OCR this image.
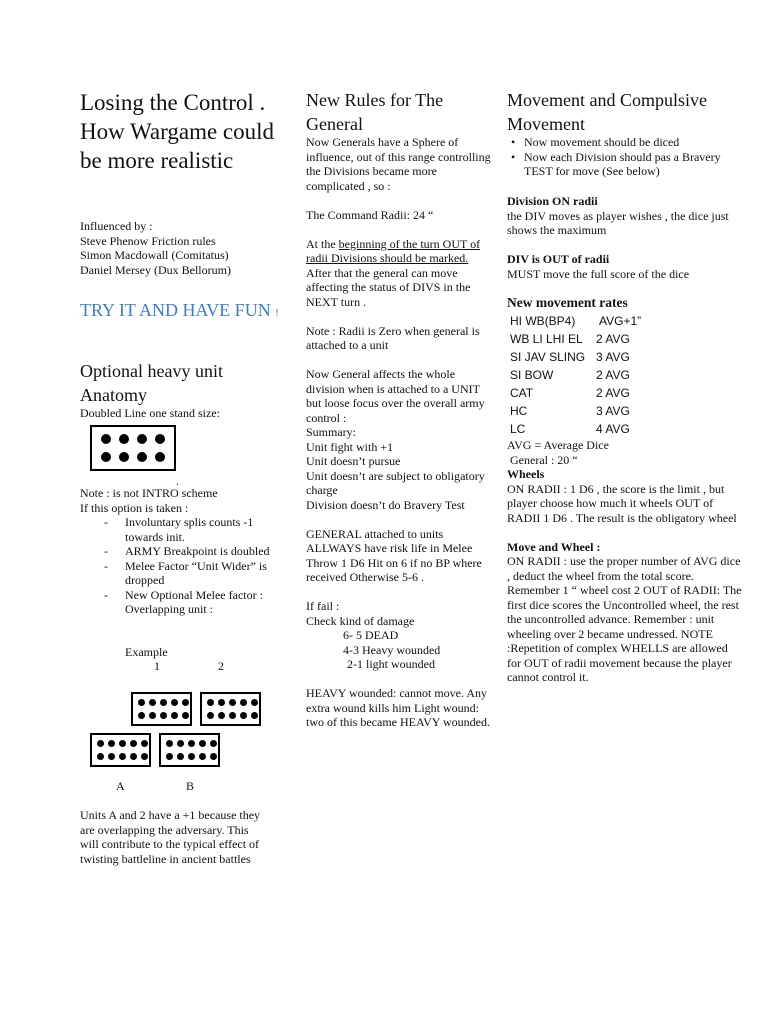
Losing the Control . How Wargame could be more realistic
Influenced by :
Steve Phenow Friction rules
Simon Macdowall (Comitatus)
Daniel Mersey (Dux Bellorum)
TRY IT AND HAVE FUN !
Optional heavy unit Anatomy
Doubled Line one stand size:
.
Note : is not INTRO scheme
If this option is taken :
- Involuntary splis counts -1 towards init.
- ARMY Breakpoint is doubled
- Melee Factor “Unit Wider” is dropped
- New Optional Melee factor : Overlapping unit :
Example
1	2
A	B
Units A and 2 have a +1 because they are overlapping the adversary. This will contribute to the typical effect of twisting battleline in ancient battles
New Rules for The General
Now Generals have a Sphere of influence, out of this range controlling the Divisions became more complicated , so :
The Command Radii: 24 “
At the beginning of the turn OUT of radii Divisions should be marked. After that the general can move affecting the status of DIVS in the NEXT turn .
Note : Radii is Zero when general is attached to a unit
Now General affects the whole division when is attached to a UNIT but loose focus over the overall army control :
Summary:
Unit fight with +1
Unit doesn’t pursue
Unit doesn’t are subject to obligatory charge
Division doesn’t do Bravery Test
GENERAL attached to units ALLWAYS have risk life in Melee Throw 1 D6 Hit on 6 if no BP where received Otherwise 5-6 .
If fail :
Check kind of damage
6- 5 DEAD
4-3 Heavy wounded
2-1 light wounded
HEAVY wounded: cannot move. Any extra wound kills him Light wound: two of this became HEAVY wounded.
Movement and Compulsive Movement
• Now movement should be diced
• Now each Division should pas a Bravery TEST for move (See below)
Division ON radii
the DIV moves as player wishes , the dice just shows the maximum
DIV is OUT of radii
MUST move the full score of the dice
New movement rates
HI WB(BP4) AVG+1”
WB LI LHI EL 2 AVG
SI JAV SLING 3 AVG
SI BOW	2 AVG
CAT	2 AVG
HC	3 AVG
LC	4 AVG
AVG = Average Dice
General : 20 “
Wheels
ON RADII : 1 D6 , the score is the limit , but player choose how much it wheels OUT of RADII 1 D6 . The result is the obligatory wheel
Move and Wheel :
ON RADII : use the proper number of AVG dice , deduct the wheel from the total score. Remember 1 “ wheel cost 2 OUT of RADII: The first dice scores the Uncontrolled wheel, the rest the uncontrolled advance. Remember : unit wheeling over 2 became undressed. NOTE :Repetition of complex WHELLS are allowed for OUT of radii movement because the player cannot control it.
